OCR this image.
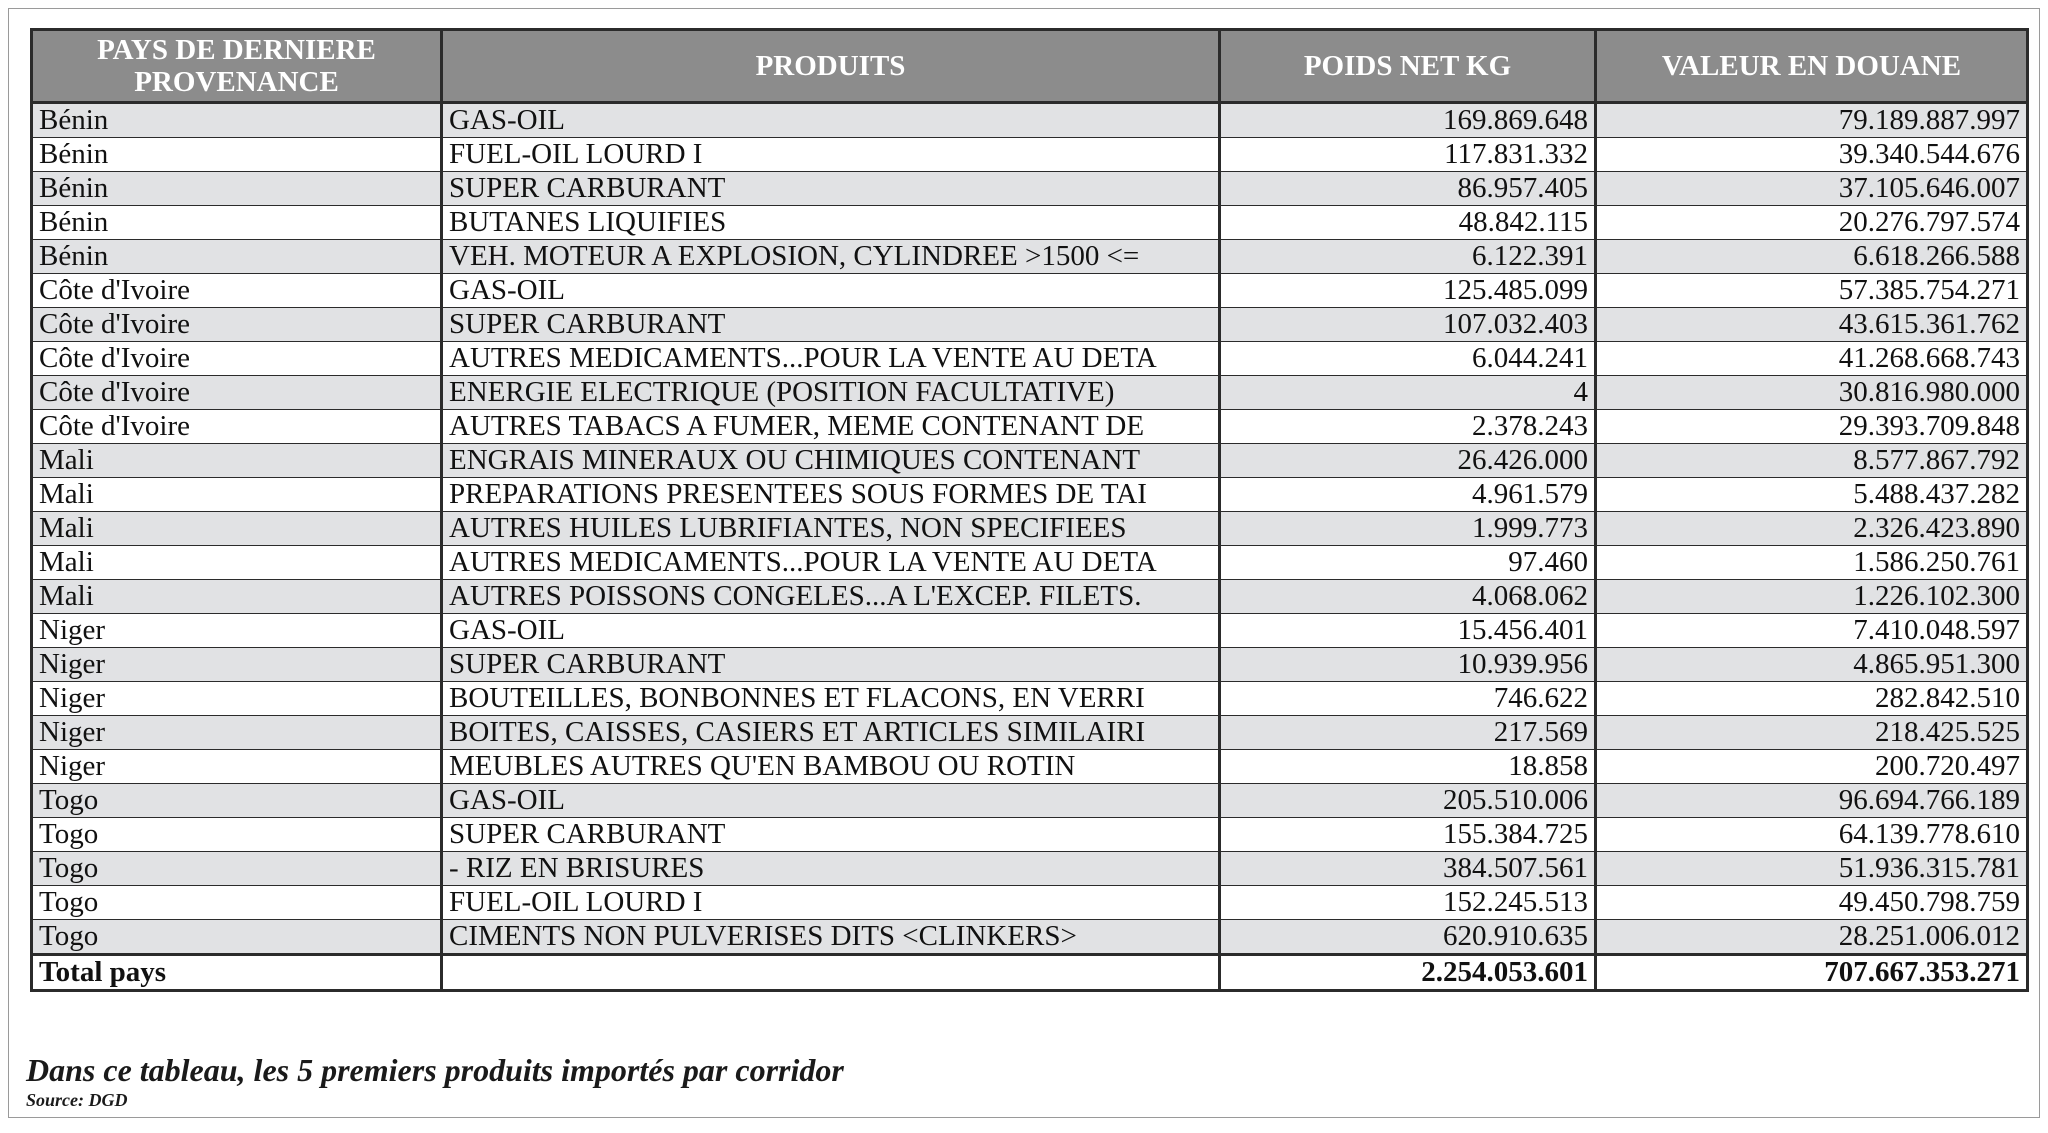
PAYS DE DERNIERE PROVENANCE	PRODUITS	POIDS NET KG	VALEUR EN DOUANE
Bénin	GAS-OIL	169.869.648	79.189.887.997
Bénin	FUEL-OIL LOURD I	117.831.332	39.340.544.676
Bénin	SUPER CARBURANT	86.957.405	37.105.646.007
Bénin	BUTANES LIQUIFIES	48.842.115	20.276.797.574
Bénin	VEH. MOTEUR A EXPLOSION, CYLINDREE >1500 <=	6.122.391	6.618.266.588
Côte d'Ivoire	GAS-OIL	125.485.099	57.385.754.271
Côte d'Ivoire	SUPER CARBURANT	107.032.403	43.615.361.762
Côte d'Ivoire	AUTRES MEDICAMENTS...POUR LA VENTE AU DETA	6.044.241	41.268.668.743
Côte d'Ivoire	ENERGIE ELECTRIQUE (POSITION FACULTATIVE)	4	30.816.980.000
Côte d'Ivoire	AUTRES TABACS A FUMER, MEME CONTENANT DE	2.378.243	29.393.709.848
Mali	ENGRAIS MINERAUX OU CHIMIQUES CONTENANT	26.426.000	8.577.867.792
Mali	PREPARATIONS PRESENTEES SOUS FORMES DE TAI	4.961.579	5.488.437.282
Mali	AUTRES HUILES LUBRIFIANTES, NON SPECIFIEES	1.999.773	2.326.423.890
Mali	AUTRES MEDICAMENTS...POUR LA VENTE AU DETA	97.460	1.586.250.761
Mali	AUTRES POISSONS CONGELES...A L'EXCEP. FILETS.	4.068.062	1.226.102.300
Niger	GAS-OIL	15.456.401	7.410.048.597
Niger	SUPER CARBURANT	10.939.956	4.865.951.300
Niger	BOUTEILLES, BONBONNES ET FLACONS, EN VERRI	746.622	282.842.510
Niger	BOITES, CAISSES, CASIERS ET ARTICLES SIMILAIRI	217.569	218.425.525
Niger	MEUBLES AUTRES QU'EN BAMBOU OU ROTIN	18.858	200.720.497
Togo	GAS-OIL	205.510.006	96.694.766.189
Togo	SUPER CARBURANT	155.384.725	64.139.778.610
Togo	- RIZ EN BRISURES	384.507.561	51.936.315.781
Togo	FUEL-OIL LOURD I	152.245.513	49.450.798.759
Togo	CIMENTS NON PULVERISES DITS <CLINKERS>	620.910.635	28.251.006.012
Total pays		2.254.053.601	707.667.353.271
Dans ce tableau, les 5 premiers produits importés par corridor
Source: DGD
